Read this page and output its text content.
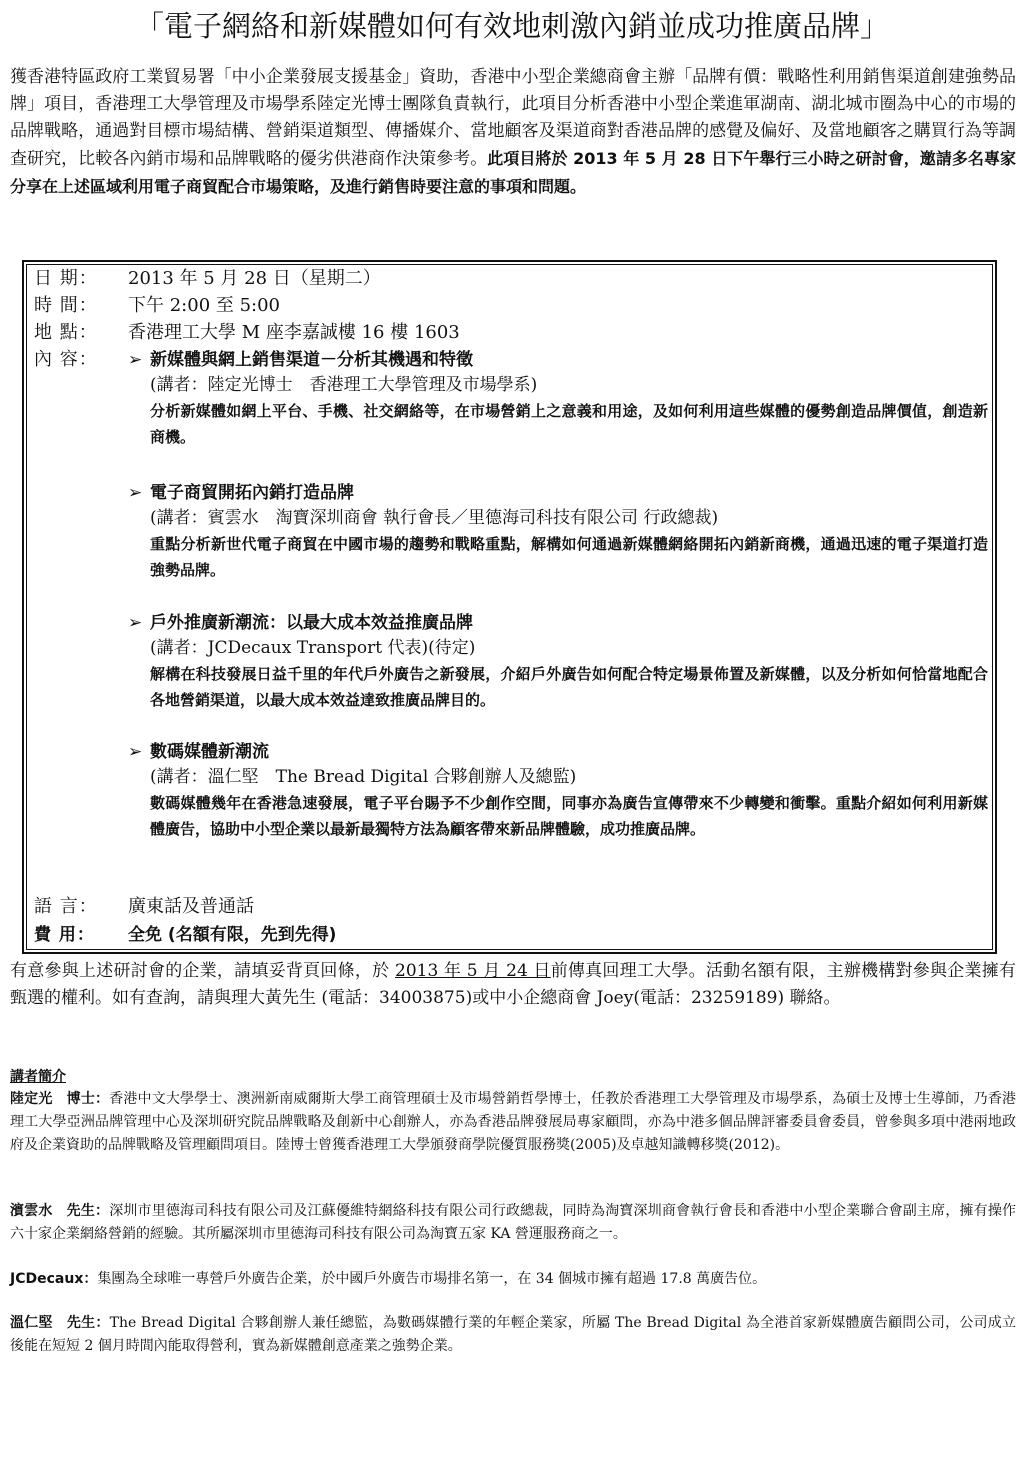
「電子網絡和新媒體如何有效地刺激內銷並成功推廣品牌」
獲香港特區政府工業貿易署「中小企業發展支援基金」資助，香港中小型企業總商會主辦「品牌有價：戰略性利用銷售渠道創建強勢品牌」項目，香港理工大學管理及市場學系陸定光博士團隊負責執行，此項目分析香港中小型企業進軍湖南、湖北城市圈為中心的市場的品牌戰略，通過對目標市場結構、營銷渠道類型、傳播媒介、當地顧客及渠道商對香港品牌的感覺及偏好、及當地顧客之購買行為等調查研究，比較各內銷市場和品牌戰略的優劣供港商作決策參考。此項目將於 2013 年 5 月 28 日下午舉行三小時之研討會，邀請多名專家分享在上述區域利用電子商貿配合市場策略，及進行銷售時要注意的事項和問題。
日 期： 2013 年 5 月 28 日（星期二）
時 間： 下午 2:00 至 5:00
地 點： 香港理工大學 M 座李嘉誠樓 16 樓 1603
內 容：	➢ 新媒體與網上銷售渠道－分析其機遇和特徵
(講者：陸定光博士　香港理工大學管理及市場學系)
分析新媒體如網上平台、手機、社交網絡等，在市場營銷上之意義和用途，及如何利用這些媒體的優勢創造品牌價值，創造新商機。
➢ 電子商貿開拓內銷打造品牌
(講者：賓雲水　淘寶深圳商會 執行會長／里德海司科技有限公司 行政總裁)
重點分析新世代電子商貿在中國市場的趨勢和戰略重點，解構如何通過新媒體網絡開拓內銷新商機，通過迅速的電子渠道打造強勢品牌。
➢ 戶外推廣新潮流：以最大成本效益推廣品牌
(講者：JCDecaux Transport 代表)(待定)
解構在科技發展日益千里的年代戶外廣告之新發展，介紹戶外廣告如何配合特定場景佈置及新媒體，以及分析如何恰當地配合各地營銷渠道，以最大成本效益達致推廣品牌目的。
➢ 數碼媒體新潮流
(講者：溫仁堅　The Bread Digital 合夥創辦人及總監)
數碼媒體幾年在香港急速發展，電子平台賜予不少創作空間，同事亦為廣告宣傳帶來不少轉變和衝擊。重點介紹如何利用新媒體廣告，協助中小型企業以最新最獨特方法為顧客帶來新品牌體驗，成功推廣品牌。
語 言： 廣東話及普通話
費 用： 全免 (名額有限，先到先得)
有意參與上述研討會的企業，請填妥背頁回條，於 2013 年 5 月 24 日前傳真回理工大學。活動名額有限，主辦機構對參與企業擁有甄選的權利。如有查詢，請與理大黃先生 (電話：34003875)或中小企總商會 Joey(電話：23259189) 聯絡。
講者簡介
陸定光　博士：香港中文大學學士、澳洲新南威爾斯大學工商管理碩士及市場營銷哲學博士，任教於香港理工大學管理及市場學系，為碩士及博士生導師，乃香港理工大學亞洲品牌管理中心及深圳研究院品牌戰略及創新中心創辦人，亦為香港品牌發展局專家顧問，亦為中港多個品牌評審委員會委員，曾參與多項中港兩地政府及企業資助的品牌戰略及管理顧問項目。陸博士曾獲香港理工大學頒發商學院優質服務獎(2005)及卓越知識轉移獎(2012)。
濱雲水　先生：深圳市里德海司科技有限公司及江蘇優維特網絡科技有限公司行政總裁，同時為淘寶深圳商會執行會長和香港中小型企業聯合會副主席，擁有操作六十家企業網絡營銷的經驗。其所屬深圳市里德海司科技有限公司為淘寶五家 KA 營運服務商之一。
JCDecaux：集團為全球唯一專營戶外廣告企業，於中國戶外廣告市場排名第一，在 34 個城市擁有超過 17.8 萬廣告位。
溫仁堅　先生：The Bread Digital 合夥創辦人兼任總監，為數碼媒體行業的年輕企業家，所屬 The Bread Digital 為全港首家新媒體廣告顧問公司，公司成立後能在短短 2 個月時間內能取得營利，實為新媒體創意產業之強勢企業。
